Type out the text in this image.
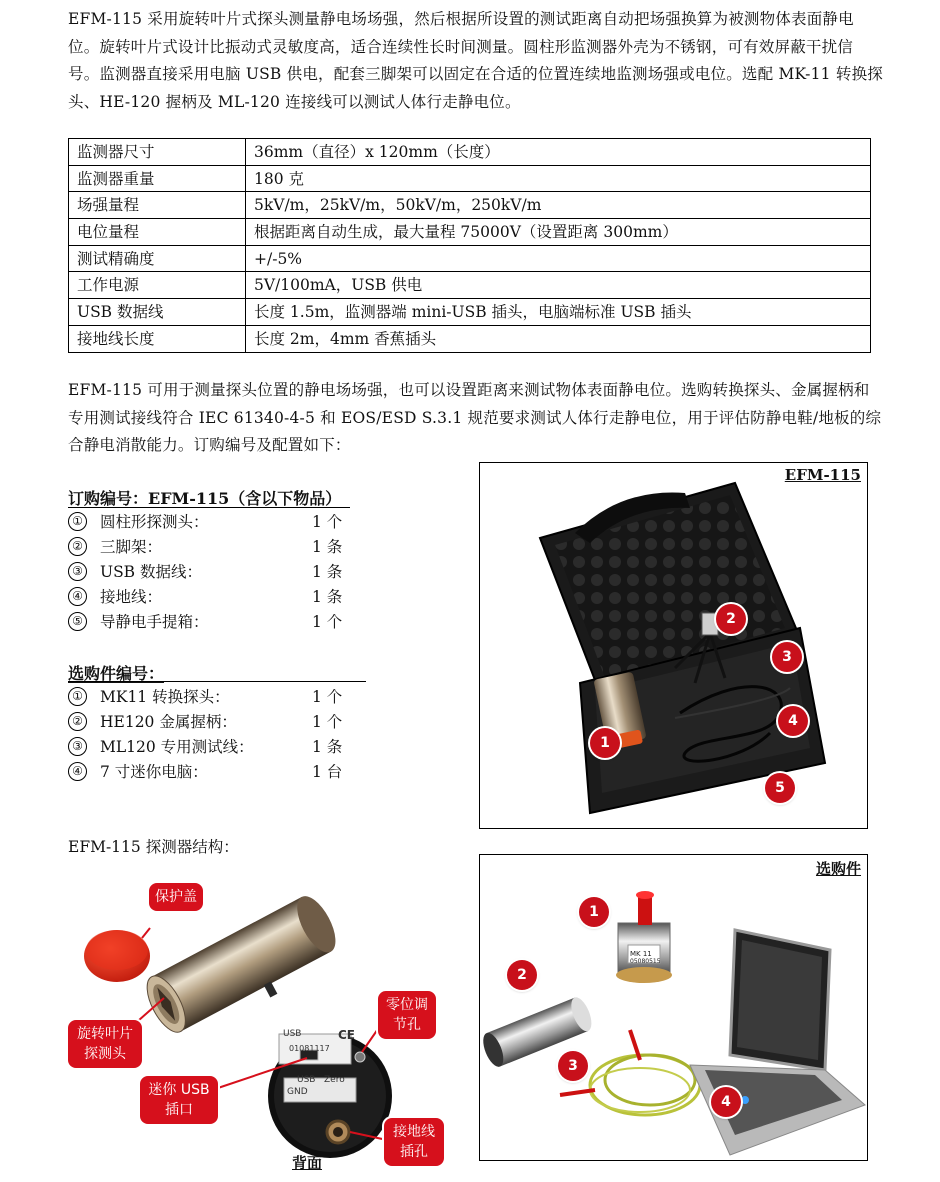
EFM-115 采用旋转叶片式探头测量静电场场强，然后根据所设置的测试距离自动把场强换算为被测物体表面静电位。旋转叶片式设计比振动式灵敏度高，适合连续性长时间测量。圆柱形监测器外壳为不锈钢，可有效屏蔽干扰信号。监测器直接采用电脑 USB 供电，配套三脚架可以固定在合适的位置连续地监测场强或电位。选配 MK-11 转换探头、HE-120 握柄及 ML-120 连接线可以测试人体行走静电位。

监测器尺寸	36mm（直径）x 120mm（长度）
监测器重量	180 克
场强量程	5kV/m，25kV/m，50kV/m，250kV/m
电位量程	根据距离自动生成，最大量程 75000V（设置距离 300mm）
测试精确度	+/-5%
工作电源	5V/100mA，USB 供电
USB 数据线	长度 1.5m，监测器端 mini-USB 插头，电脑端标准 USB 插头
接地线长度	长度 2m，4mm 香蕉插头

EFM-115 可用于测量探头位置的静电场场强，也可以设置距离来测试物体表面静电位。选购转换探头、金属握柄和专用测试接线符合 IEC 61340-4-5 和 EOS/ESD S.3.1 规范要求测试人体行走静电位，用于评估防静电鞋/地板的综合静电消散能力。订购编号及配置如下：

订购编号：EFM-115（含以下物品）
① 圆柱形探测头：	1 个
② 三脚架：	1 条
③ USB 数据线：	1 条
④ 接地线：	1 条
⑤ 导静电手提箱：	1 个
选购件编号：
① MK11 转换探头：	1 个
② HE120 金属握柄：	1 个
③ ML120 专用测试线：	1 条
④ 7 寸迷你电脑：	1 台
EFM-115
1
2
3
4
5
EFM-115 探测器结构：
USB
01081117
CE
USB Zero
GND
保护盖
旋转叶片探测头
迷你 USB 插口
零位调节孔
接地线插孔
背面
选购件
MK 11
05080515
1
2
3
4
